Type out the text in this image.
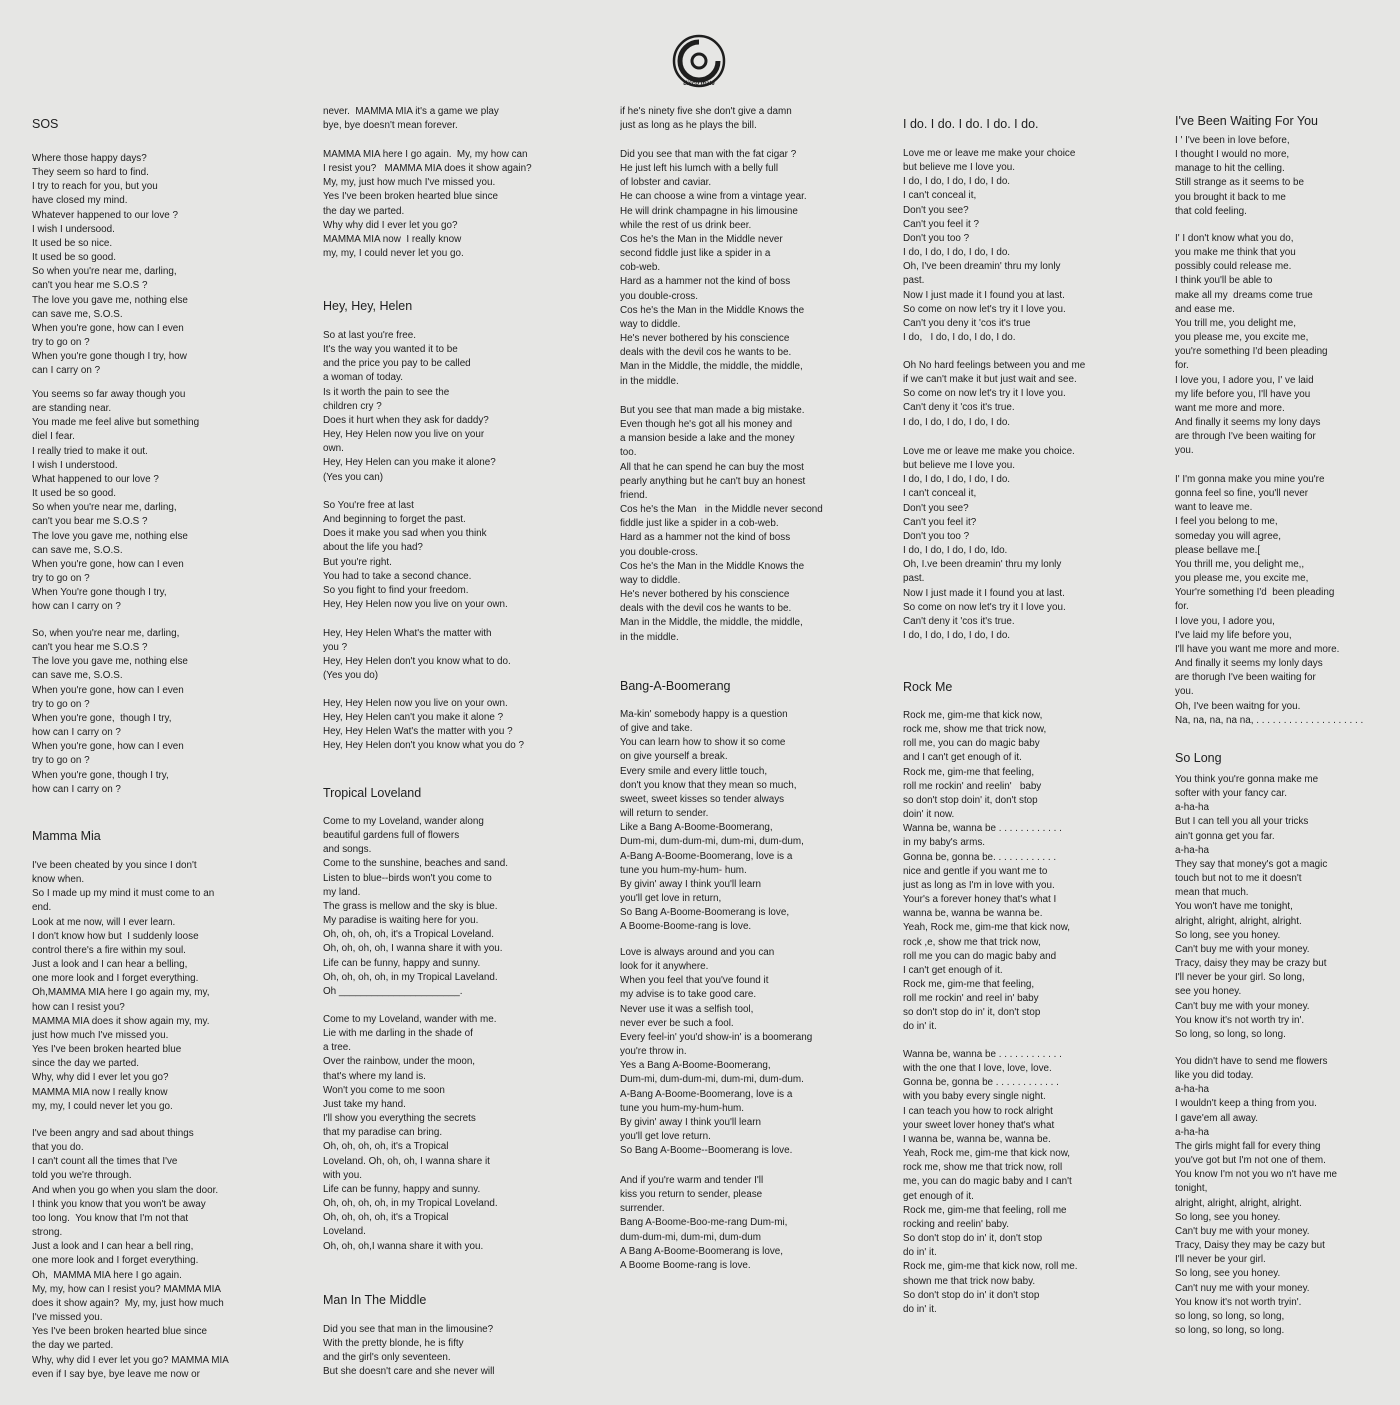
disco mate
SOS
Where those happy days?
They seem so hard to find.
I try to reach for you, but you
have closed my mind.
Whatever happened to our love ?
I wish I undersood.
It used be so nice.
It used be so good.
So when you're near me, darling,
can't you hear me S.O.S ?
The love you gave me, nothing else
can save me, S.O.S.
When you're gone, how can I even
try to go on ?
When you're gone though I try, how
can I carry on ?
You seems so far away though you
are standing near.
You made me feel alive but something
diel I fear.
I really tried to make it out.
I wish I understood.
What happened to our love ?
It used be so good.
So when you're near me, darling,
can't you bear me S.O.S ?
The love you gave me, nothing else
can save me, S.O.S.
When you're gone, how can I even
try to go on ?
When You're gone though I try,
how can I carry on ?
So, when you're near me, darling,
can't you hear me S.O.S ?
The love you gave me, nothing else
can save me, S.O.S.
When you're gone, how can I even
try to go on ?
When you're gone,  though I try,
how can I carry on ?
When you're gone, how can I even
try to go on ?
When you're gone, though I try,
how can I carry on ?
Mamma Mia
I've been cheated by you since I don't
know when.
So I made up my mind it must come to an
end.
Look at me now, will I ever learn.
I don't know how but  I suddenly loose
control there's a fire within my soul.
Just a look and I can hear a belling,
one more look and I forget everything.
Oh,MAMMA MIA here I go again my, my,
how can I resist you?
MAMMA MIA does it show again my, my.
just how much I've missed you.
Yes I've been broken hearted blue
since the day we parted.
Why, why did I ever let you go?
MAMMA MIA now I really know
my, my, I could never let you go.
I've been angry and sad about things
that you do.
I can't count all the times that I've
told you we're through.
And when you go when you slam the door.
I think you know that you won't be away
too long.  You know that I'm not that
strong.
Just a look and I can hear a bell ring,
one more look and I forget everything.
Oh,  MAMMA MIA here I go again.
My, my, how can I resist you? MAMMA MIA
does it show again?  My, my, just how much
I've missed you.
Yes I've been broken hearted blue since
the day we parted.
Why, why did I ever let you go? MAMMA MIA
even if I say bye, bye leave me now or
never.  MAMMA MIA it's a game we play
bye, bye doesn't mean forever.
MAMMA MIA here I go again.  My, my how can
I resist you?   MAMMA MIA does it show again?
My, my, just how much I've missed you.
Yes I've been broken hearted blue since
the day we parted.
Why why did I ever let you go?
MAMMA MIA now  I really know
my, my, I could never let you go.
Hey, Hey, Helen
So at last you're free.
It's the way you wanted it to be
and the price you pay to be called
a woman of today.
Is it worth the pain to see the
children cry ?
Does it hurt when they ask for daddy?
Hey, Hey Helen now you live on your
own.
Hey, Hey Helen can you make it alone?
(Yes you can)
So You're free at last
And beginning to forget the past.
Does it make you sad when you think
about the life you had?
But you're right.
You had to take a second chance.
So you fight to find your freedom.
Hey, Hey Helen now you live on your own.
Hey, Hey Helen What's the matter with
you ?
Hey, Hey Helen don't you know what to do.
(Yes you do)
Hey, Hey Helen now you live on your own.
Hey, Hey Helen can't you make it alone ?
Hey, Hey Helen Wat's the matter with you ?
Hey, Hey Helen don't you know what you do ?
Tropical Loveland
Come to my Loveland, wander along
beautiful gardens full of flowers
and songs.
Come to the sunshine, beaches and sand.
Listen to blue--birds won't you come to
my land.
The grass is mellow and the sky is blue.
My paradise is waiting here for you.
Oh, oh, oh, oh, it's a Tropical Loveland.
Oh, oh, oh, oh, I wanna share it with you.
Life can be funny, happy and sunny.
Oh, oh, oh, oh, in my Tropical Laveland.
Oh ______________________.
Come to my Loveland, wander with me.
Lie with me darling in the shade of
a tree.
Over the rainbow, under the moon,
that's where my land is.
Won't you come to me soon
Just take my hand.
I'll show you everything the secrets
that my paradise can bring.
Oh, oh, oh, oh, it's a Tropical
Loveland. Oh, oh, oh, I wanna share it
with you.
Life can be funny, happy and sunny.
Oh, oh, oh, oh, in my Tropical Loveland.
Oh, oh, oh, oh, it's a Tropical
Loveland.
Oh, oh, oh,I wanna share it with you.
Man In The Middle
Did you see that man in the limousine?
With the pretty blonde, he is fifty
and the girl's only seventeen.
But she doesn't care and she never will
if he's ninety five she don't give a damn
just as long as he plays the bill.
Did you see that man with the fat cigar ?
He just left his lumch with a belly full
of lobster and caviar.
He can choose a wine from a vintage year.
He will drink champagne in his limousine
while the rest of us drink beer.
Cos he's the Man in the Middle never
second fiddle just like a spider in a
cob-web.
Hard as a hammer not the kind of boss
you double-cross.
Cos he's the Man in the Middle Knows the
way to diddle.
He's never bothered by his conscience
deals with the devil cos he wants to be.
Man in the Middle, the middle, the middle,
in the middle.
But you see that man made a big mistake.
Even though he's got all his money and
a mansion beside a lake and the money
too.
All that he can spend he can buy the most
pearly anything but he can't buy an honest
friend.
Cos he's the Man   in the Middle never second
fiddle just like a spider in a cob-web.
Hard as a hammer not the kind of boss
you double-cross.
Cos he's the Man in the Middle Knows the
way to diddle.
He's never bothered by his conscience
deals with the devil cos he wants to be.
Man in the Middle, the middle, the middle,
in the middle.
Bang-A-Boomerang
Ma-kin' somebody happy is a question
of give and take.
You can learn how to show it so come
on give yourself a break.
Every smile and every little touch,
don't you know that they mean so much,
sweet, sweet kisses so tender always
will return to sender.
Like a Bang A-Boome-Boomerang,
Dum-mi, dum-dum-mi, dum-mi, dum-dum,
A-Bang A-Boome-Boomerang, love is a
tune you hum-my-hum- hum.
By givin' away I think you'll learn
you'll get love in return,
So Bang A-Boome-Boomerang is love,
A Boome-Boome-rang is love.
Love is always around and you can
look for it anywhere.
When you feel that you've found it
my advise is to take good care.
Never use it was a selfish tool,
never ever be such a fool.
Every feel-in' you'd show-in' is a boomerang
you're throw in.
Yes a Bang A-Boome-Boomerang,
Dum-mi, dum-dum-mi, dum-mi, dum-dum.
A-Bang A-Boome-Boomerang, love is a
tune you hum-my-hum-hum.
By givin' away I think you'll learn
you'll get love return.
So Bang A-Boome--Boomerang is love.
And if you're warm and tender I'll
kiss you return to sender, please
surrender.
Bang A-Boome-Boo-me-rang Dum-mi,
dum-dum-mi, dum-mi, dum-dum
A Bang A-Boome-Boomerang is love,
A Boome Boome-rang is love.
I do. I do. I do. I do. I do.
Love me or leave me make your choice
but believe me I love you.
I do, I do, I do, I do, I do.
I can't conceal it,
Don't you see?
Can't you feel it ?
Don't you too ?
I do, I do, I do, I do, I do.
Oh, I've been dreamin' thru my lonly
past.
Now I just made it I found you at last.
So come on now let's try it I love you.
Can't you deny it 'cos it's true
I do,   I do, I do, I do, I do.
Oh No hard feelings between you and me
if we can't make it but just wait and see.
So come on now let's try it I love you.
Can't deny it 'cos it's true.
I do, I do, I do, I do, I do.
Love me or leave me make you choice.
but believe me I love you.
I do, I do, I do, I do, I do.
I can't conceal it,
Don't you see?
Can't you feel it?
Don't you too ?
I do, I do, I do, I do, Ido.
Oh, I.ve been dreamin' thru my lonly
past.
Now I just made it I found you at last.
So come on now let's try it I love you.
Can't deny it 'cos it's true.
I do, I do, I do, I do, I do.
Rock Me
Rock me, gim-me that kick now,
rock me, show me that trick now,
roll me, you can do magic baby
and I can't get enough of it.
Rock me, gim-me that feeling,
roll me rockin' and reelin'   baby
so don't stop doin' it, don't stop
doin' it now.
Wanna be, wanna be . . . . . . . . . . . .
in my baby's arms.
Gonna be, gonna be. . . . . . . . . . . .
nice and gentle if you want me to
just as long as I'm in love with you.
Your's a forever honey that's what I
wanna be, wanna be wanna be.
Yeah, Rock me, gim-me that kick now,
rock ,e, show me that trick now,
roll me you can do magic baby and
I can't get enough of it.
Rock me, gim-me that feeling,
roll me rockin' and reel in' baby
so don't stop do in' it, don't stop
do in' it.
Wanna be, wanna be . . . . . . . . . . . .
with the one that I love, love, love.
Gonna be, gonna be . . . . . . . . . . . .
with you baby every single night.
I can teach you how to rock alright
your sweet lover honey that's what
I wanna be, wanna be, wanna be.
Yeah, Rock me, gim-me that kick now,
rock me, show me that trick now, roll
me, you can do magic baby and I can't
get enough of it.
Rock me, gim-me that feeling, roll me
rocking and reelin' baby.
So don't stop do in' it, don't stop
do in' it.
Rock me, gim-me that kick now, roll me.
shown me that trick now baby.
So don't stop do in' it don't stop
do in' it.
I've Been Waiting For You
I ' I've been in love before,
I thought I would no more,
manage to hit the celling.
Still strange as it seems to be
you brought it back to me
that cold feeling.
I' I don't know what you do,
you make me think that you
possibly could release me.
I think you'll be able to
make all my  dreams come true
and ease me.
You trill me, you delight me,
you please me, you excite me,
you're something I'd been pleading
for.
I love you, I adore you, I' ve laid
my life before you, I'll have you
want me more and more.
And finally it seems my lony days
are through I've been waiting for
you.
I' I'm gonna make you mine you're
gonna feel so fine, you'll never
want to leave me.
I feel you belong to me,
someday you will agree,
please bellave me.[
You thrill me, you delight me,,
you please me, you excite me,
Your're something I'd  been pleading
for.
I love you, I adore you,
I've laid my life before you,
I'll have you want me more and more.
And finally it seems my lonly days
are thorugh I've been waiting for
you.
Oh, I've been waitng for you.
Na, na, na, na na, . . . . . . . . . . . . . . . . . . . .
So Long
You think you're gonna make me
softer with your fancy car.
a-ha-ha
But I can tell you all your tricks
ain't gonna get you far.
a-ha-ha
They say that money's got a magic
touch but not to me it doesn't
mean that much.
You won't have me tonight,
alright, alright, alright, alright.
So long, see you honey.
Can't buy me with your money.
Tracy, daisy they may be crazy but
I'll never be your girl. So long,
see you honey.
Can't buy me with your money.
You know it's not worth try in'.
So long, so long, so long.
You didn't have to send me flowers
like you did today.
a-ha-ha
I wouldn't keep a thing from you.
I gave'em all away.
a-ha-ha
The girls might fall for every thing
you've got but I'm not one of them.
You know I'm not you wo n't have me
tonight,
alright, alright, alright, alright.
So long, see you honey.
Can't buy me with your money.
Tracy, Daisy they may be cazy but
I'll never be your girl.
So long, see you honey.
Can't nuy me with your money.
You know it's not worth tryin'.
so long, so long, so long,
so long, so long, so long.
